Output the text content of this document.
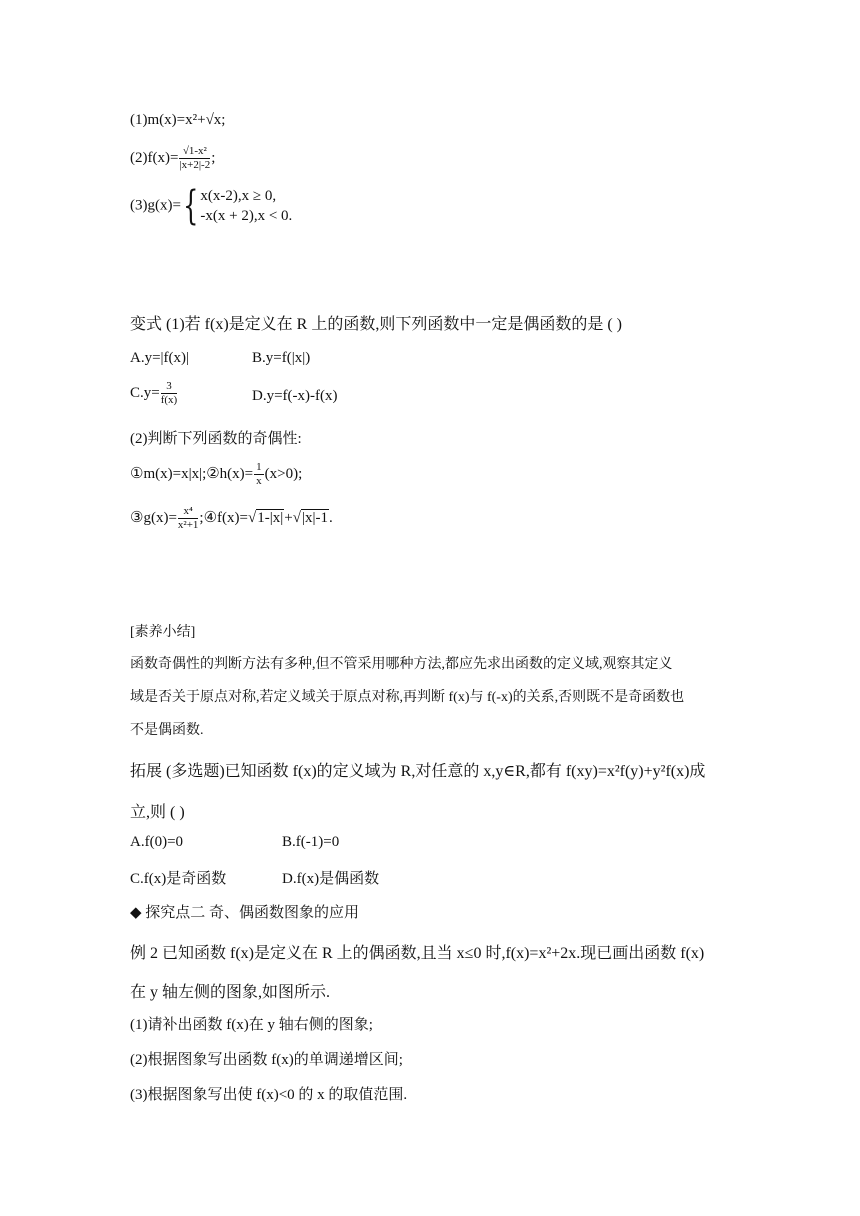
(1)m(x)=x²+√x;
$(2)f(x)= \frac{\text{√1-x²}}{|x+2|-2}$ ;
(3)g(x)={ x(x-2),x ≥ 0,
-x(x + 2),x < 0.
变式 (1)若 f(x)是定义在 R 上的函数,则下列函数中一定是偶函数的是 ( )
A.y=|f(x)|	B.y=f(|x|)
$C.y= \frac{3}{f(x)}$	D.y=f(-x)-f(x)
(2)判断下列函数的奇偶性:
①m(x)=x|x|;②h(x)= $\frac{1}{x} (x>0)$;
③g(x)= $\frac{\text{x⁴}}{\text{x²+1}}$ ;④f(x)=√1-|x|+√|x|-1.
[素养小结]
函数奇偶性的判断方法有多种,但不管采用哪种方法,都应先求出函数的定义域,观察其定义
域是否关于原点对称,若定义域关于原点对称,再判断 f(x)与 f(-x)的关系,否则既不是奇函数也
不是偶函数.
拓展 (多选题)已知函数 f(x)的定义域为 R,对任意的 x,y∈R,都有 f(xy)=x²f(y)+y²f(x)成
立,则 ( )
A.f(0)=0	B.f(-1)=0
C.f(x)是奇函数	D.f(x)是偶函数
◆ 探究点二 奇、偶函数图象的应用
例 2 已知函数 f(x)是定义在 R 上的偶函数,且当 x≤0 时,f(x)=x²+2x.现已画出函数 f(x)
在 y 轴左侧的图象,如图所示.
(1)请补出函数 f(x)在 y 轴右侧的图象;
(2)根据图象写出函数 f(x)的单调递增区间;
(3)根据图象写出使 f(x)<0 的 x 的取值范围.
